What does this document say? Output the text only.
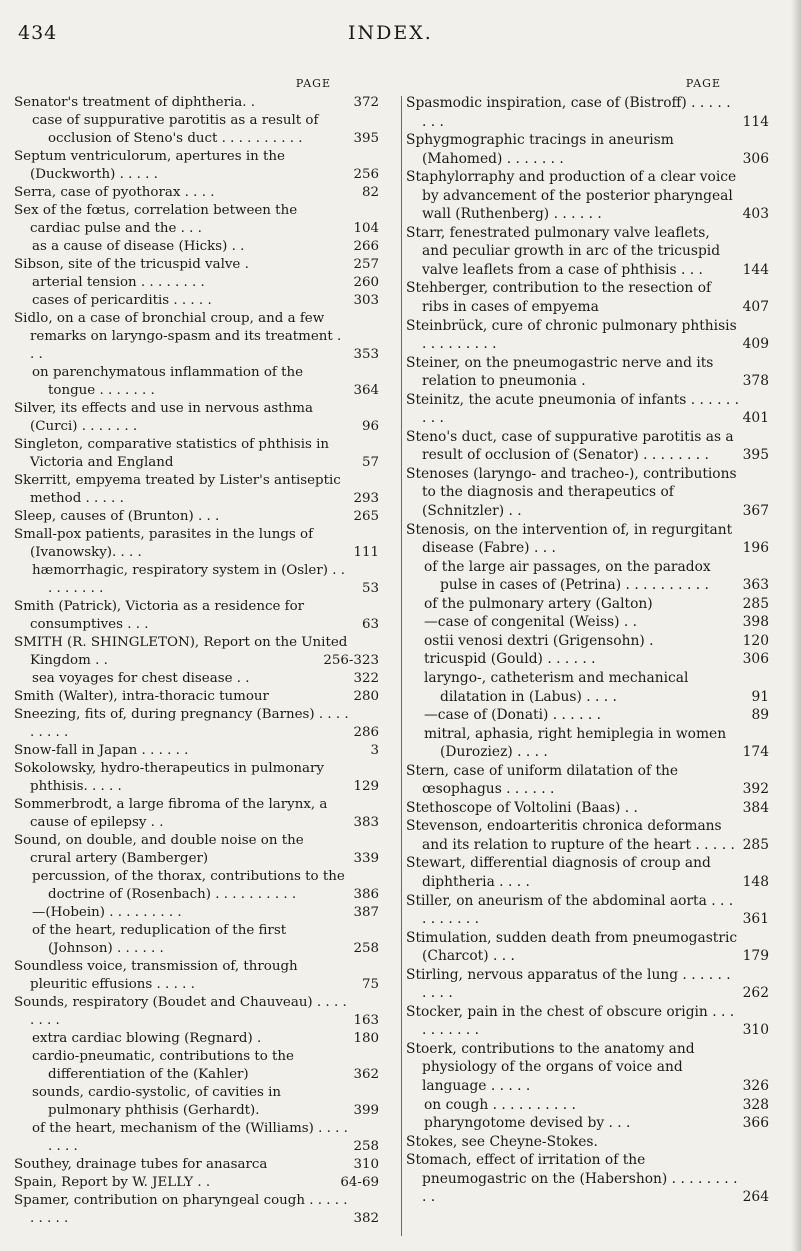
434	INDEX.
PAGE
Senator's treatment of diphtheria. .	372
case of suppurative parotitis as a result of occlusion of Steno's duct . . . . . . . . . .	395
Septum ventriculorum, apertures in the (Duckworth) . . . . .	256
Serra, case of pyothorax . . . .	82
Sex of the fœtus, correlation between the cardiac pulse and the . . .	104
as a cause of disease (Hicks) . .	266
Sibson, site of the tricuspid valve .	257
arterial tension . . . . . . . .	260
cases of pericarditis . . . . .	303
Sidlo, on a case of bronchial croup, and a few remarks on laryngo-spasm and its treatment . . .	353
on parenchymatous inflammation of the tongue . . . . . . .	364
Silver, its effects and use in nervous asthma (Curci) . . . . . . .	96
Singleton, comparative statistics of phthisis in Victoria and England	57
Skerritt, empyema treated by Lister's antiseptic method . . . . .	293
Sleep, causes of (Brunton) . . .	265
Small-pox patients, parasites in the lungs of (Ivanowsky). . . .	111
hæmorrhagic, respiratory system in (Osler) . . . . . . . . .	53
Smith (Patrick), Victoria as a residence for consumptives . . .	63
SMITH (R. SHINGLETON), Report on the United Kingdom . .	256-323
sea voyages for chest disease . .	322
Smith (Walter), intra-thoracic tumour	280
Sneezing, fits of, during pregnancy (Barnes) . . . . . . . . .	286
Snow-fall in Japan . . . . . .	3
Sokolowsky, hydro-therapeutics in pulmonary phthisis. . . . .	129
Sommerbrodt, a large fibroma of the larynx, a cause of epilepsy . .	383
Sound, on double, and double noise on the crural artery (Bamberger)	339
percussion, of the thorax, contributions to the doctrine of (Rosenbach) . . . . . . . . . .	386
—(Hobein) . . . . . . . . .	387
of the heart, reduplication of the first (Johnson) . . . . . .	258
Soundless voice, transmission of, through pleuritic effusions . . . . .	75
Sounds, respiratory (Boudet and Chauveau) . . . . . . . .	163
extra cardiac blowing (Regnard) .	180
cardio-pneumatic, contributions to the differentiation of the (Kahler)	362
sounds, cardio-systolic, of cavities in pulmonary phthisis (Gerhardt).	399
of the heart, mechanism of the (Williams) . . . . . . . .	258
Southey, drainage tubes for anasarca	310
Spain, Report by W. JELLY . .	64-69
Spamer, contribution on pharyngeal cough . . . . . . . . . .	382
PAGE
Spasmodic inspiration, case of (Bistroff) . . . . . . . .	114
Sphygmographic tracings in aneurism (Mahomed) . . . . . . .	306
Staphylorraphy and production of a clear voice by advancement of the posterior pharyngeal wall (Ruthenberg) . . . . . .	403
Starr, fenestrated pulmonary valve leaflets, and peculiar growth in arc of the tricuspid valve leaflets from a case of phthisis . . .	144
Stehberger, contribution to the resection of ribs in cases of empyema	407
Steinbrück, cure of chronic pulmonary phthisis . . . . . . . . .	409
Steiner, on the pneumogastric nerve and its relation to pneumonia .	378
Steinitz, the acute pneumonia of infants . . . . . . . . .	401
Steno's duct, case of suppurative parotitis as a result of occlusion of (Senator) . . . . . . . .	395
Stenoses (laryngo- and tracheo-), contributions to the diagnosis and therapeutics of (Schnitzler) . .	367
Stenosis, on the intervention of, in regurgitant disease (Fabre) . . .	196
of the large air passages, on the paradox pulse in cases of (Petrina) . . . . . . . . . .	363
of the pulmonary artery (Galton)	285
—case of congenital (Weiss) . .	398
ostii venosi dextri (Grigensohn) .	120
tricuspid (Gould) . . . . . .	306
laryngo-, catheterism and mechanical dilatation in (Labus) . . . .	91
—case of (Donati) . . . . . .	89
mitral, aphasia, right hemiplegia in women (Duroziez) . . . .	174
Stern, case of uniform dilatation of the œsophagus . . . . . .	392
Stethoscope of Voltolini (Baas) . .	384
Stevenson, endoarteritis chronica deformans and its relation to rupture of the heart . . . . . 285
Stewart, differential diagnosis of croup and diphtheria . . . .	148
Stiller, on aneurism of the abdominal aorta . . . . . . . . . .	361
Stimulation, sudden death from pneumogastric (Charcot) . . .	179
Stirling, nervous apparatus of the lung . . . . . . . . . .	262
Stocker, pain in the chest of obscure origin . . . . . . . . . .	310
Stoerk, contributions to the anatomy and physiology of the organs of voice and language . . . . .	326
on cough . . . . . . . . . .	328
pharyngotome devised by . . .	366
Stokes, see Cheyne-Stokes.
Stomach, effect of irritation of the pneumogastric on the (Habershon) . . . . . . . . . .	264
